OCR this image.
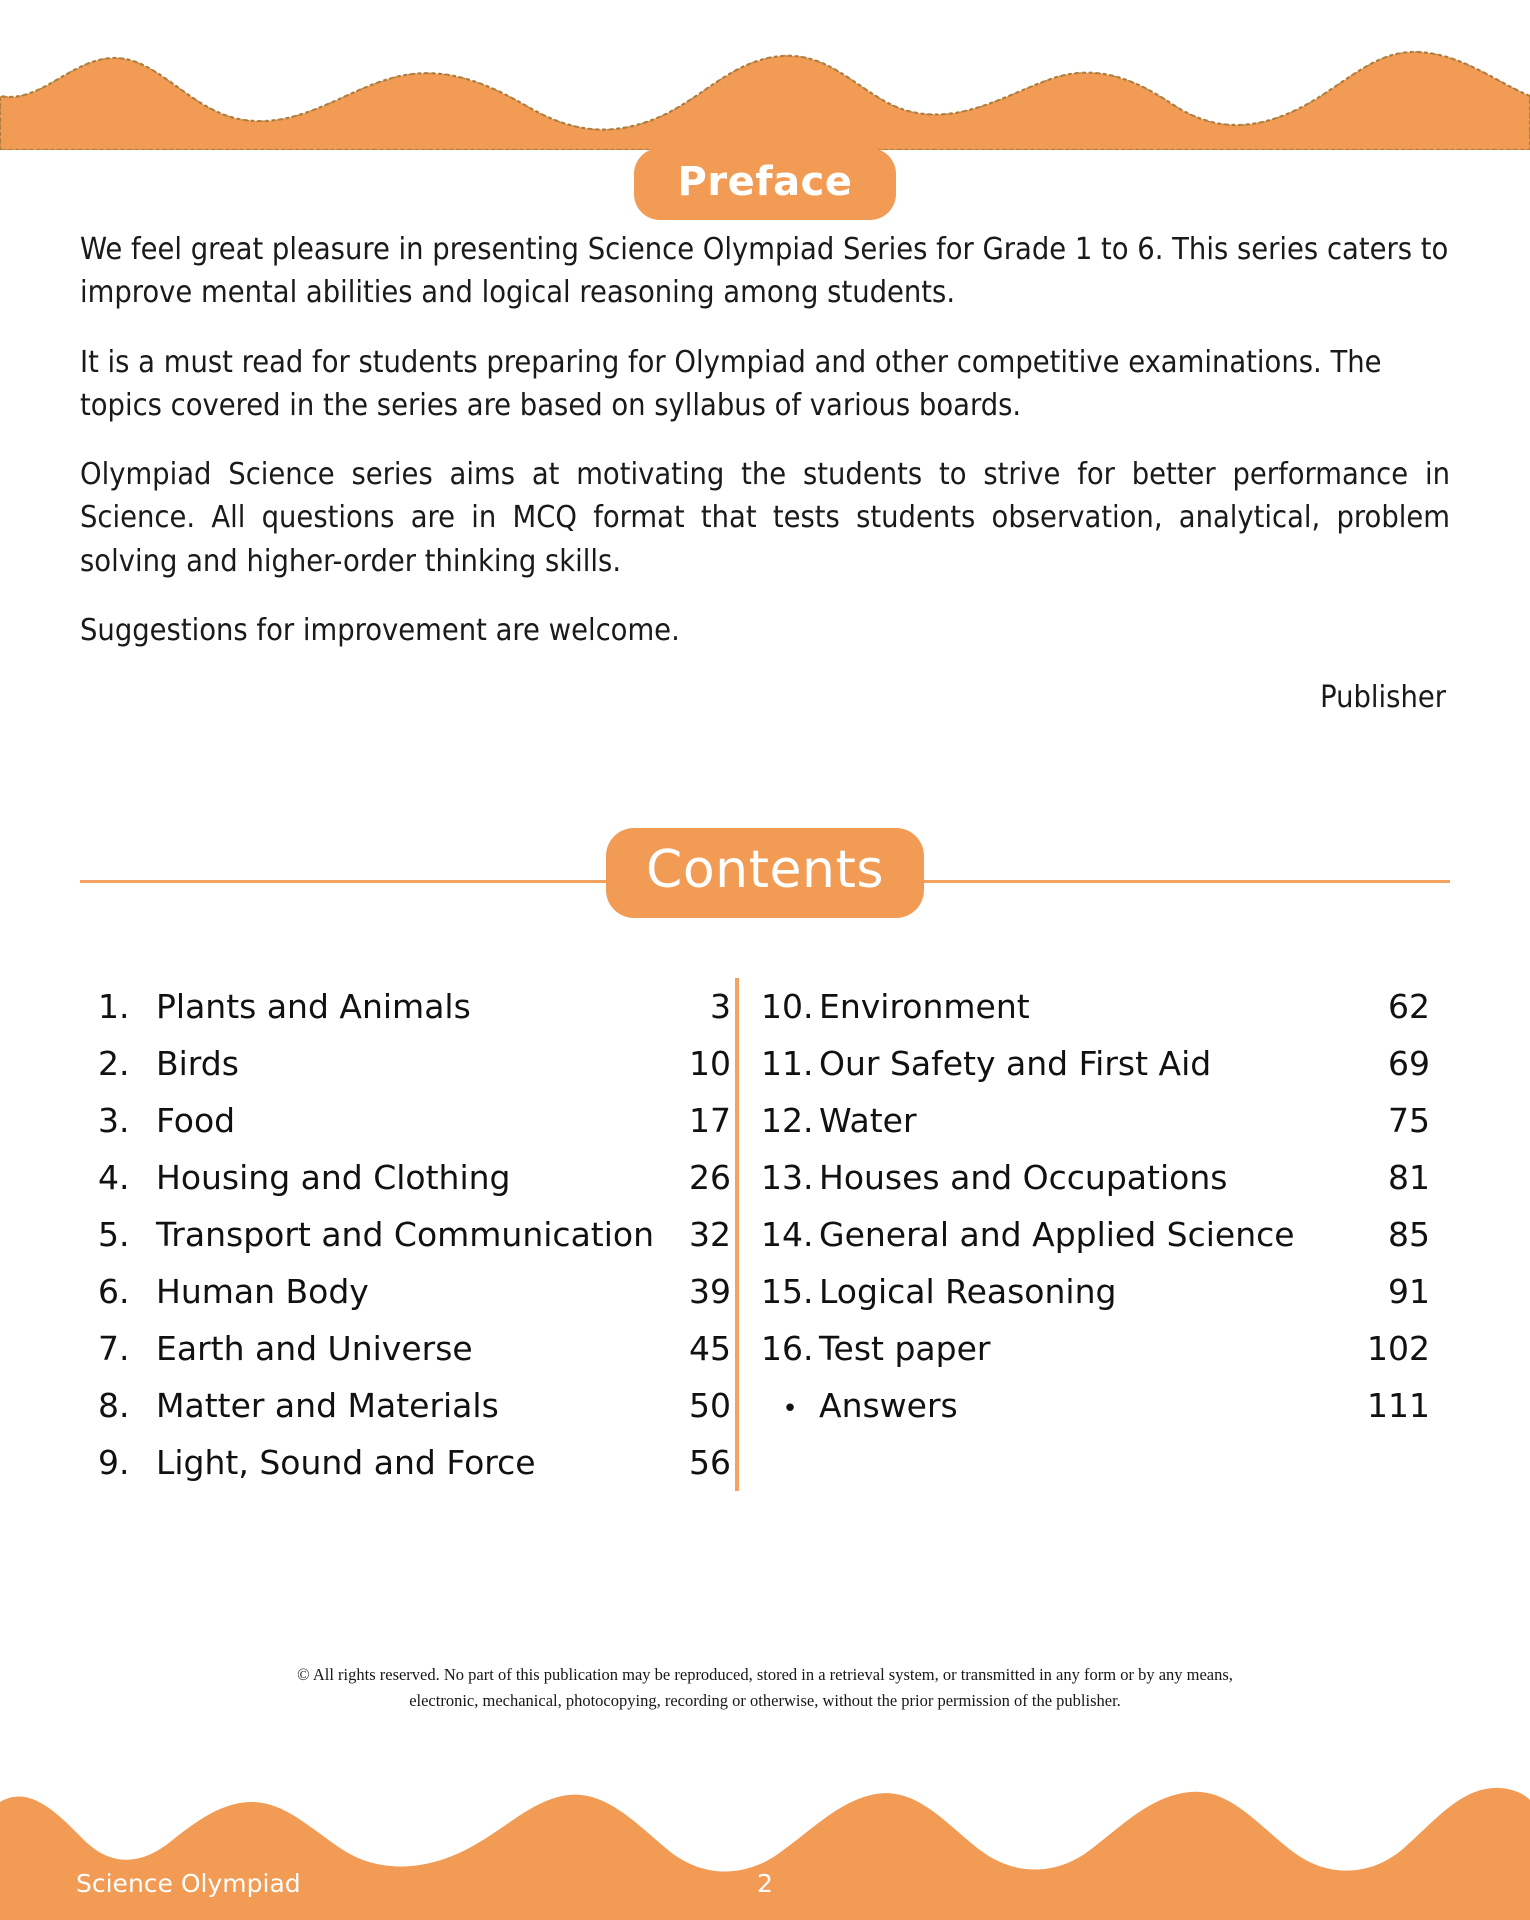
Preface

We feel great pleasure in presenting Science Olympiad Series for Grade 1 to 6. This series caters to improve mental abilities and logical reasoning among students.

It is a must read for students preparing for Olympiad and other competitive examinations. The topics covered in the series are based on syllabus of various boards.

Olympiad Science series aims at motivating the students to strive for better performance in Science. All questions are in MCQ format that tests students observation, analytical, problem solving and higher-order thinking skills.

Suggestions for improvement are welcome.

Publisher

Contents
1. Plants and Animals	3
2. Birds	10
3. Food	17
4. Housing and Clothing	26
5. Transport and Communication	32
6. Human Body	39
7. Earth and Universe	45
8. Matter and Materials	50
9. Light, Sound and Force	56
10. Environment	62
11. Our Safety and First Aid	69
12. Water	75
13. Houses and Occupations	81
14. General and Applied Science	85
15. Logical Reasoning	91
16. Test paper	102
• Answers	111
© All rights reserved. No part of this publication may be reproduced, stored in a retrieval system, or transmitted in any form or by any means,
electronic, mechanical, photocopying, recording or otherwise, without the prior permission of the publisher.
Science Olympiad	2
